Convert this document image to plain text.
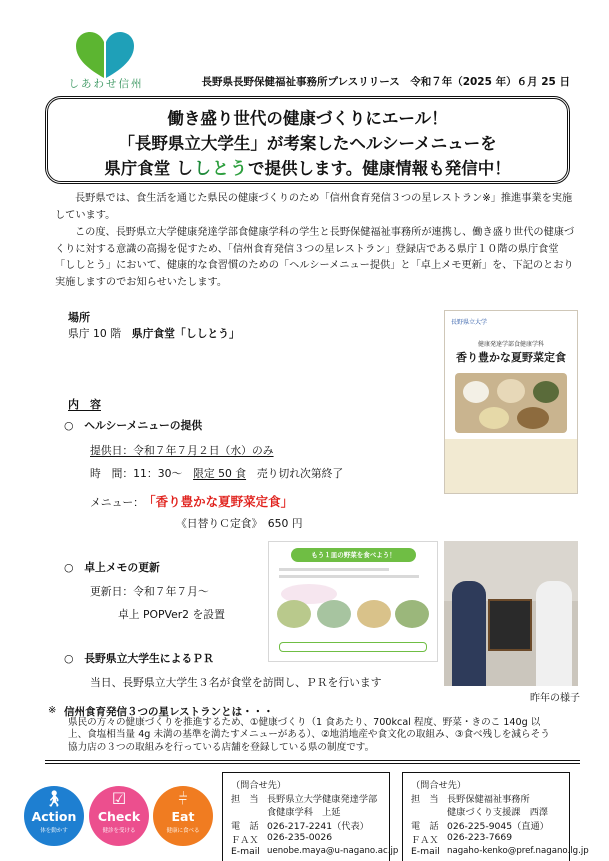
しあわせ信州	長野県長野保健福祉事務所プレスリリース　令和７年（2025 年）６月 25 日
働き盛り世代の健康づくりにエール！
「長野県立大学生」が考案したヘルシーメニューを
県庁食堂 ししとうで提供します。健康情報も発信中！
長野県では、食生活を通じた県民の健康づくりのため「信州食育発信３つの星レストラン※」推進事業を実施しています。
この度、長野県立大学健康発達学部食健康学科の学生と長野保健福祉事務所が連携し、働き盛り世代の健康づくりに対する意識の高揚を促すため、「信州食育発信３つの星レストラン」登録店である県庁１０階の県庁食堂「ししとう」において、健康的な食習慣のための「ヘルシーメニュー提供」と「卓上メモ更新」を、下記のとおり実施しますのでお知らせいたします。
場所
県庁 10 階　県庁食堂「ししとう」
内　容
○　ヘルシーメニューの提供
提供日：令和７年７月２日（水）のみ
時　間：11：30～　限定 50 食　売り切れ次第終了
メニュー：　「香り豊かな夏野菜定食」
《日替りＣ定食》　650 円
○　卓上メモの更新
更新日：令和７年７月～
卓上 POPVer2 を設置
○　長野県立大学生によるＰＲ
当日、長野県立大学生３名が食堂を訪問し、ＰＲを行います
長野県立大学
健康発達学部食健康学科
香り豊かな夏野菜定食
もう１皿の野菜を食べよう！
昨年の様子
※ 信州食育発信３つの星レストランとは・・・
県民の方々の健康づくりを推進するため、①健康づくり（1 食あたり、700kcal 程度、野菜・きのこ 140g 以上、食塩相当量 4g 未満の基準を満たすメニューがある）、②地消地産や食文化の取組み、③食べ残しを減らそう協力店の３つの取組みを行っている店舗を登録している県の制度です。
🚶︎
Action
体を動かす
☑
Check
健診を受ける
⫩
Eat
健康に食べる
（問合せ先）
担　当 長野県立大学健康発達学部
食健康学科　上延
電　話 026-217-2241（代表）
ＦＡＸ 026-235-0026
E-mail uenobe.maya@u-nagano.ac.jp
（問合せ先）
担　当 長野保健福祉事務所
健康づくり支援課　西澤
電　話 026-225-9045（直通）
ＦＡＸ 026-223-7669
E-mail nagaho-kenko@pref.nagano.lg.jp
